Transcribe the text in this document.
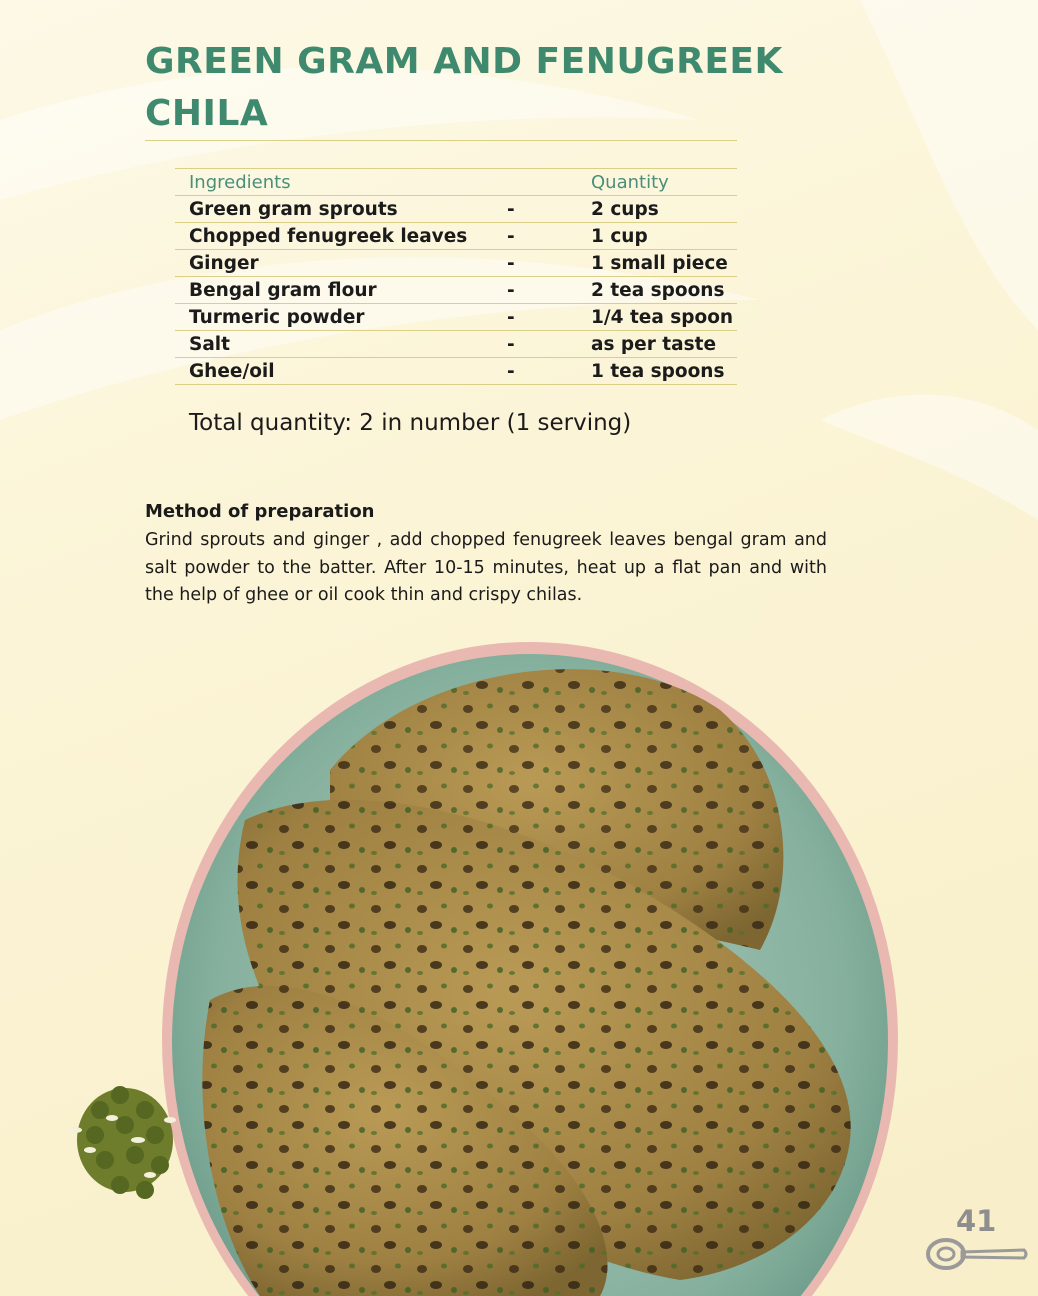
GREEN GRAM AND FENUGREEK CHILA
Ingredients		Quantity
Green gram sprouts	-	2 cups
Chopped fenugreek leaves	-	1 cup
Ginger	-	1 small piece
Bengal gram flour	-	2 tea spoons
Turmeric powder	-	1/4 tea spoon
Salt	-	as per taste
Ghee/oil	-	1 tea spoons
Total quantity: 2 in number (1 serving)
Method of preparation

Grind sprouts and ginger , add chopped fenugreek leaves bengal gram and salt powder to the batter. After 10-15 minutes, heat up a flat pan and with the help of ghee or oil cook thin and crispy chilas.

41
